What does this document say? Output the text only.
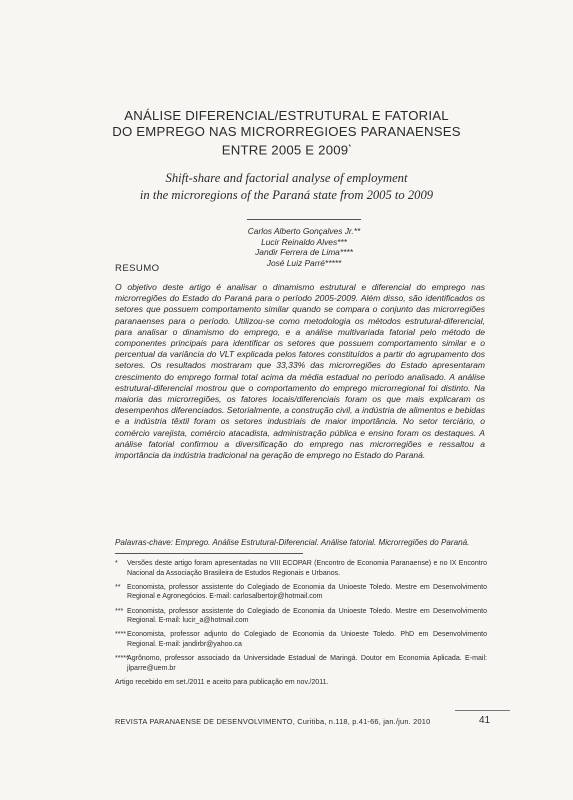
ANÁLISE DIFERENCIAL/ESTRUTURAL E FATORIAL
DO EMPREGO NAS MICRORREGIOES PARANAENSES
ENTRE 2005 E 2009*
Shift-share and factorial analyse of employment
in the microregions of the Paraná state from 2005 to 2009
Carlos Alberto Gonçalves Jr.**
Lucir Reinaldo Alves***
Jandir Ferrera de Lima****
José Luiz Parré*****
RESUMO
O objetivo deste artigo é analisar o dinamismo estrutural e diferencial do emprego nas microrregiões do Estado do Paraná para o período 2005-2009. Além disso, são identificados os setores que possuem comportamento similar quando se compara o conjunto das microrregiões paranaenses para o período. Utilizou-se como metodologia os métodos estrutural-diferencial, para analisar o dinamismo do emprego, e a análise multivariada fatorial pelo método de componentes principais para identificar os setores que possuem comportamento similar e o percentual da variância do VLT explicada pelos fatores constituídos a partir do agrupamento dos setores. Os resultados mostraram que 33,33% das microrregiões do Estado apresentaram crescimento do emprego formal total acima da média estadual no período analisado. A análise estrutural-diferencial mostrou que o comportamento do emprego microrregional foi distinto. Na maioria das microrregiões, os fatores locais/diferenciais foram os que mais explicaram os desempenhos diferenciados. Setorialmente, a construção civil, a indústria de alimentos e bebidas e a indústria têxtil foram os setores industriais de maior importância. No setor terciário, o comércio varejista, comércio atacadista, administração pública e ensino foram os destaques. A análise fatorial confirmou a diversificação do emprego nas microrregiões e ressaltou a importância da indústria tradicional na geração de emprego no Estado do Paraná.
Palavras-chave: Emprego. Análise Estrutural-Diferencial. Análise fatorial. Microrregiões do Paraná.
* Versões deste artigo foram apresentadas no VIII ECOPAR (Encontro de Economia Paranaense) e no IX Encontro Nacional da Associação Brasileira de Estudos Regionais e Urbanos.
** Economista, professor assistente do Colegiado de Economia da Unioeste Toledo. Mestre em Desenvolvimento Regional e Agronegócios. E-mail: carlosalbertojr@hotmail.com
*** Economista, professor assistente do Colegiado de Economia da Unioeste Toledo. Mestre em Desenvolvimento Regional. E-mail: lucir_a@hotmail.com
**** Economista, professor adjunto do Colegiado de Economia da Unioeste Toledo. PhD em Desenvolvimento Regional. E-mail: jandirbr@yahoo.ca
*****
Agrônomo, professor associado da Universidade Estadual de Maringá. Doutor em Economia Aplicada. E-mail: jlparre@uem.br
Artigo recebido em set./2011 e aceito para publicação em nov./2011.
REVISTA PARANAENSE DE DESENVOLVIMENTO, Curitiba, n.118, p.41-66, jan./jun. 2010	41
